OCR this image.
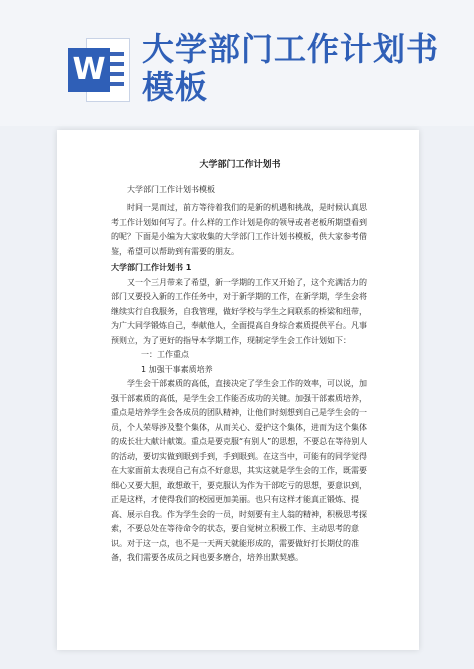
W
大学部门工作计划书模板
大学部门工作计划书

大学部门工作计划书模板

时间一晃而过，前方等待着我们的是新的机遇和挑战，是时候认真思考工作计划如何写了。什么样的工作计划是你的领导或者老板所期望看到的呢？下面是小编为大家收集的大学部门工作计划书模板，供大家参考借鉴，希望可以帮助到有需要的朋友。

大学部门工作计划书 1

又一个三月带来了希望，新一学期的工作又开始了，这个充满活力的部门又要投入新的工作任务中，对于新学期的工作，在新学期，学生会将继续实行自我服务，自我管理，做好学校与学生之间联系的桥梁和纽带，为广大同学锻炼自己，奉献他人，全面提高自身综合素质提供平台。凡事预则立，为了更好的指导本学期工作，现制定学生会工作计划如下：

一：工作重点

1 加强干事素质培养

学生会干部素质的高低，直接决定了学生会工作的效率，可以说，加强干部素质的高低，是学生会工作能否成功的关键。加强干部素质培养，重点是培养学生会各成员的团队精神，让他们时刻想到自己是学生会的一员，个人荣辱涉及整个集体，从而关心、爱护这个集体，进而为这个集体的成长壮大献计献策。重点是要克服“有别人”的思想，不要总在等待别人的活动，要切实做到眼到手到，手到眼到。在这当中，可能有的同学觉得在大家面前太表现自己有点不好意思，其实这就是学生会的工作，既需要细心又要大胆，敢想敢干，要克服认为作为干部吃亏的思想，要意识到，正是这样，才使得我们的校园更加美丽。也只有这样才能真正锻炼、提高、展示自我。作为学生会的一员，时刻要有主人翁的精神，积极思考探索，不要总处在等待命令的状态，要自觉树立积极工作、主动思考的意识。对于这一点，也不是一天两天就能形成的，需要做好打长期仗的准备，我们需要各成员之间也要多磨合，培养出默契感。
